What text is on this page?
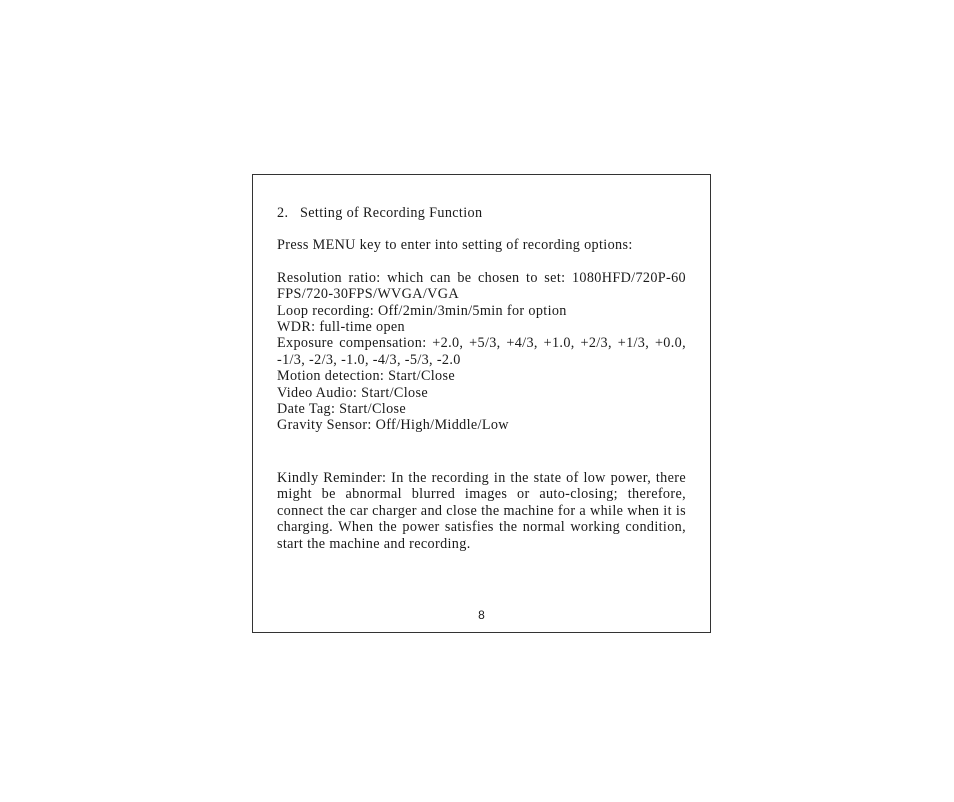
2.   Setting of Recording Function

Press MENU key to enter into setting of recording options:

Resolution ratio: which can be chosen to set: 1080HFD/720P-60 FPS/720-30FPS/WVGA/VGA
Loop recording: Off/2min/3min/5min for option
WDR: full-time open
Exposure compensation: +2.0, +5/3, +4/3, +1.0, +2/3, +1/3, +0.0, -1/3, -2/3, -1.0, -4/3, -5/3, -2.0
Motion detection: Start/Close
Video Audio: Start/Close
Date Tag: Start/Close
Gravity Sensor: Off/High/Middle/Low

Kindly Reminder: In the recording in the state of low power, there might be abnormal blurred images or auto-closing; therefore, connect the car charger and close the machine for a while when it is charging. When the power satisfies the normal working condition, start the machine and recording.

8
